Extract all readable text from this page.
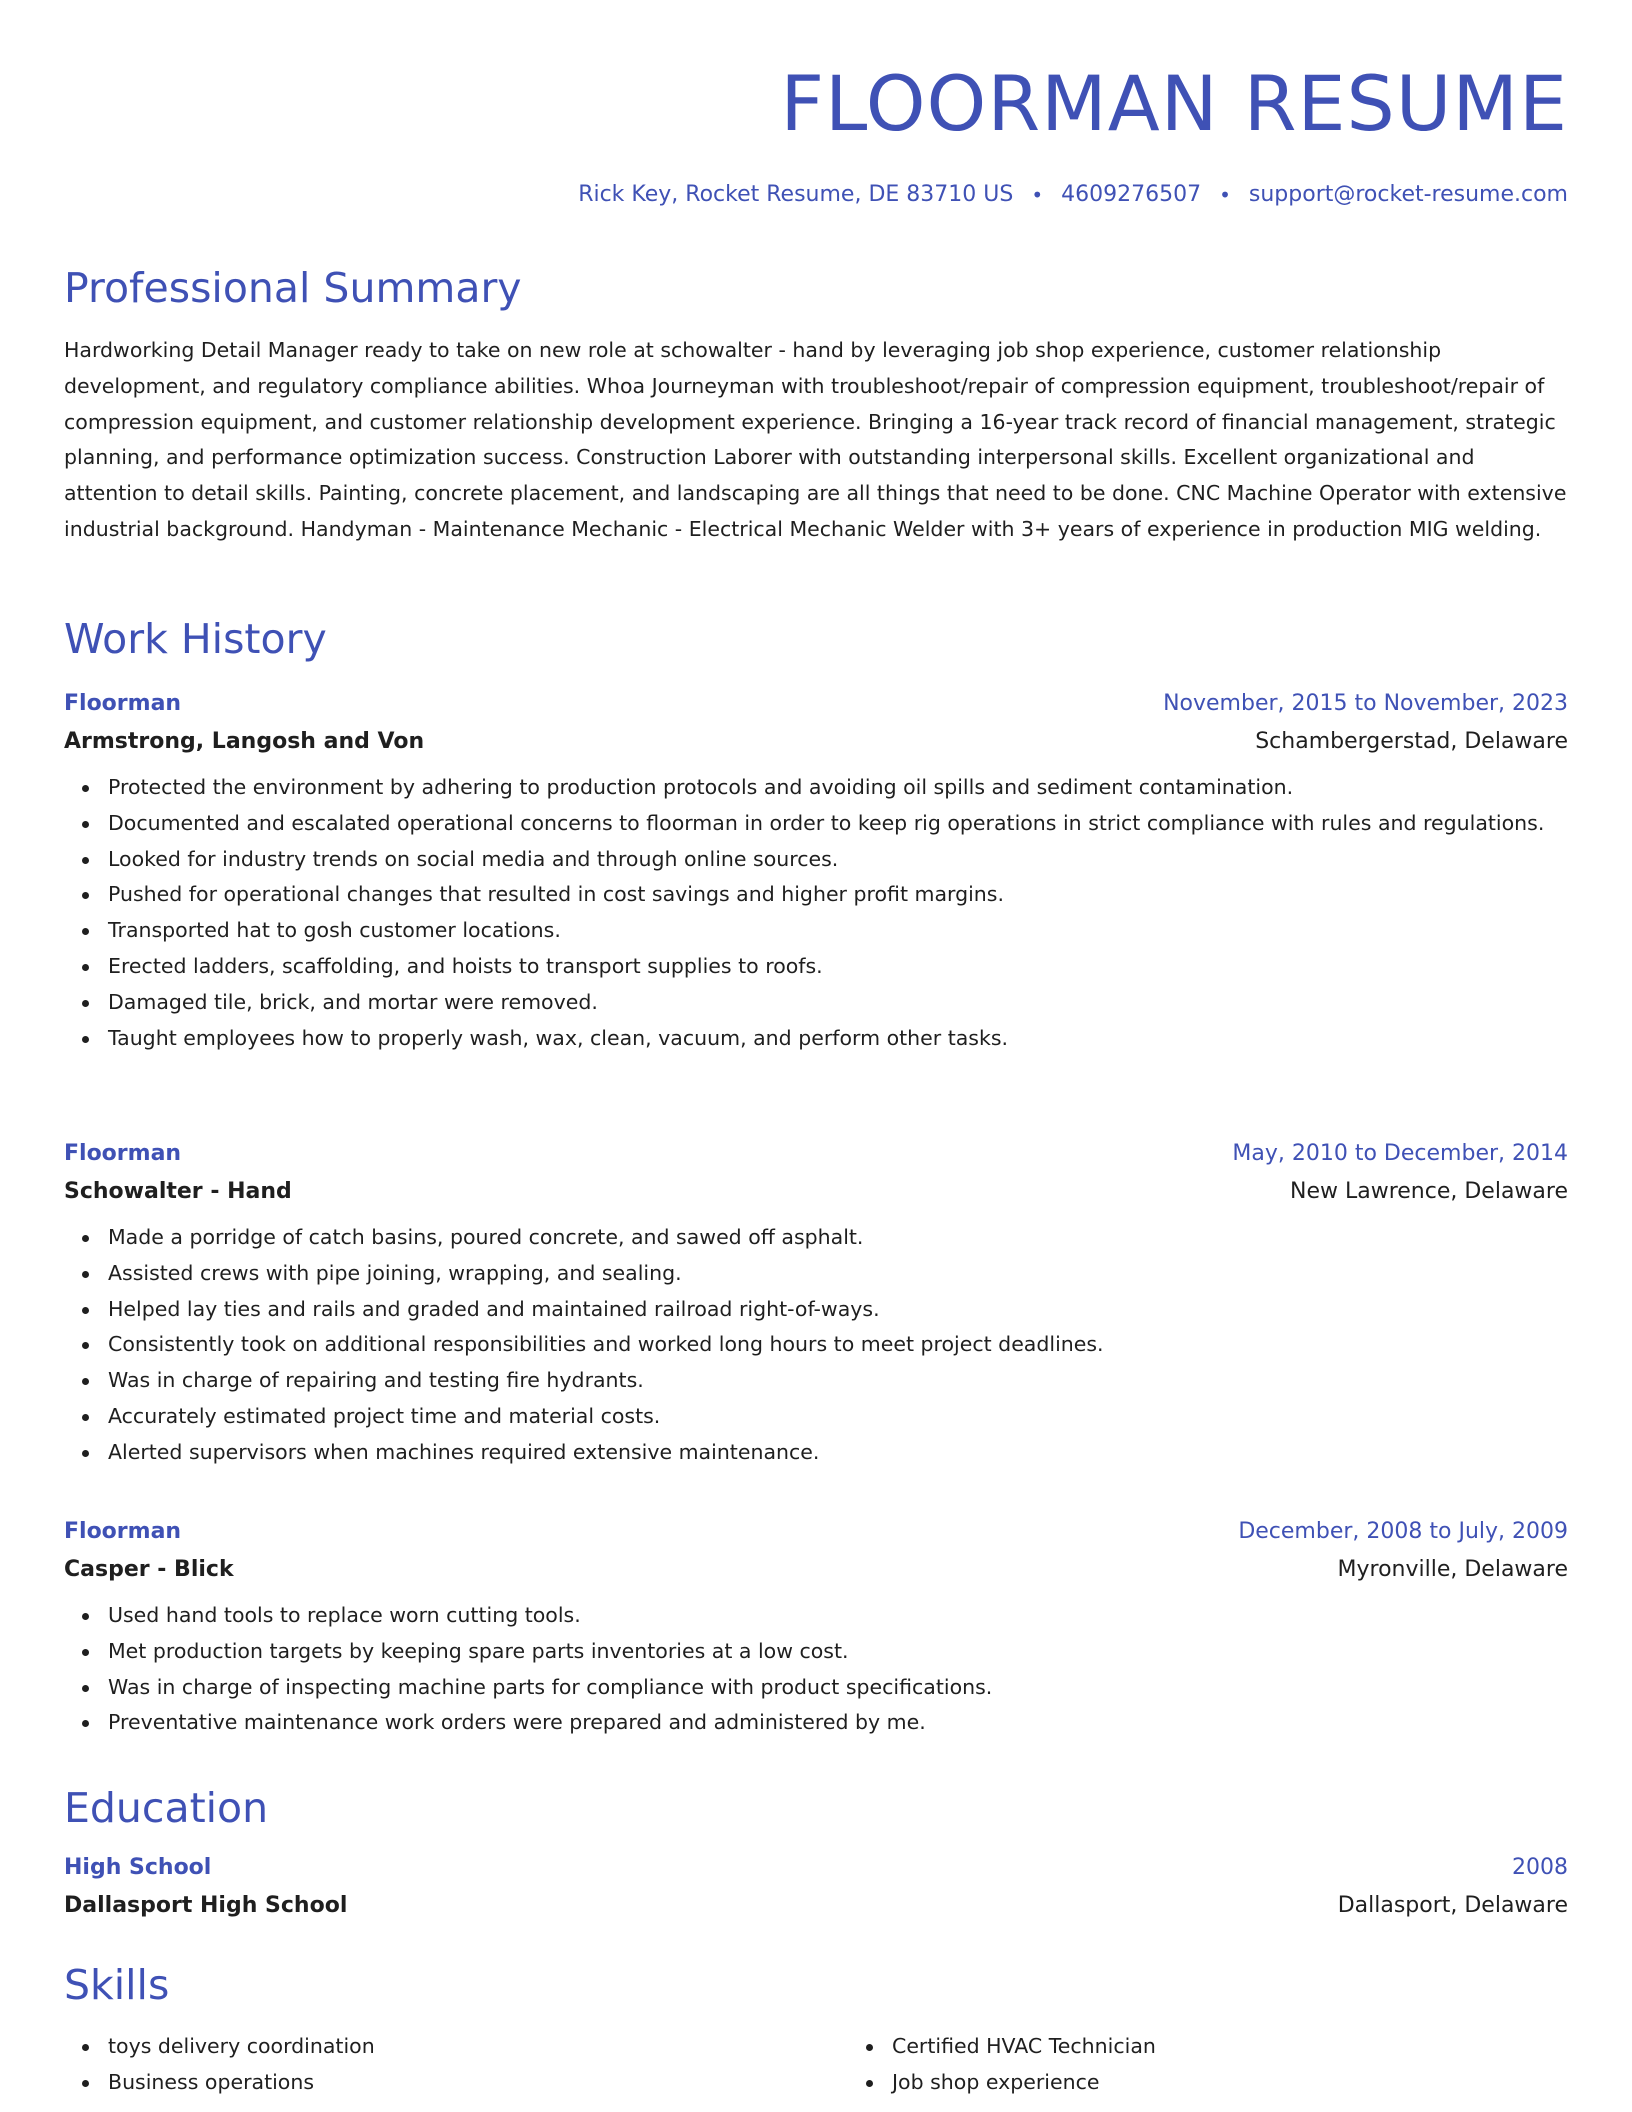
FLOORMAN RESUME
Rick Key, Rocket Resume, DE 83710 US • 4609276507 • support@rocket-resume.com
Professional Summary

Hardworking Detail Manager ready to take on new role at schowalter - hand by leveraging job shop experience, customer relationship development, and regulatory compliance abilities. Whoa Journeyman with troubleshoot/repair of compression equipment, troubleshoot/repair of compression equipment, and customer relationship development experience. Bringing a 16-year track record of financial management, strategic planning, and performance optimization success. Construction Laborer with outstanding interpersonal skills. Excellent organizational and attention to detail skills. Painting, concrete placement, and landscaping are all things that need to be done. CNC Machine Operator with extensive industrial background. Handyman - Maintenance Mechanic - Electrical Mechanic Welder with 3+ years of experience in production MIG welding.

Work History
Floorman	November, 2015 to November, 2023
Armstrong, Langosh and Von	Schambergerstad, Delaware
Protected the environment by adhering to production protocols and avoiding oil spills and sediment contamination.
Documented and escalated operational concerns to floorman in order to keep rig operations in strict compliance with rules and regulations.
Looked for industry trends on social media and through online sources.
Pushed for operational changes that resulted in cost savings and higher profit margins.
Transported hat to gosh customer locations.
Erected ladders, scaffolding, and hoists to transport supplies to roofs.
Damaged tile, brick, and mortar were removed.
Taught employees how to properly wash, wax, clean, vacuum, and perform other tasks.
Floorman	May, 2010 to December, 2014
Schowalter - Hand	New Lawrence, Delaware
Made a porridge of catch basins, poured concrete, and sawed off asphalt.
Assisted crews with pipe joining, wrapping, and sealing.
Helped lay ties and rails and graded and maintained railroad right-of-ways.
Consistently took on additional responsibilities and worked long hours to meet project deadlines.
Was in charge of repairing and testing fire hydrants.
Accurately estimated project time and material costs.
Alerted supervisors when machines required extensive maintenance.
Floorman	December, 2008 to July, 2009
Casper - Blick	Myronville, Delaware
Used hand tools to replace worn cutting tools.
Met production targets by keeping spare parts inventories at a low cost.
Was in charge of inspecting machine parts for compliance with product specifications.
Preventative maintenance work orders were prepared and administered by me.
Education
High School	2008
Dallasport High School	Dallasport, Delaware
Skills
toys delivery coordination
Business operations
Certified HVAC Technician
Job shop experience
